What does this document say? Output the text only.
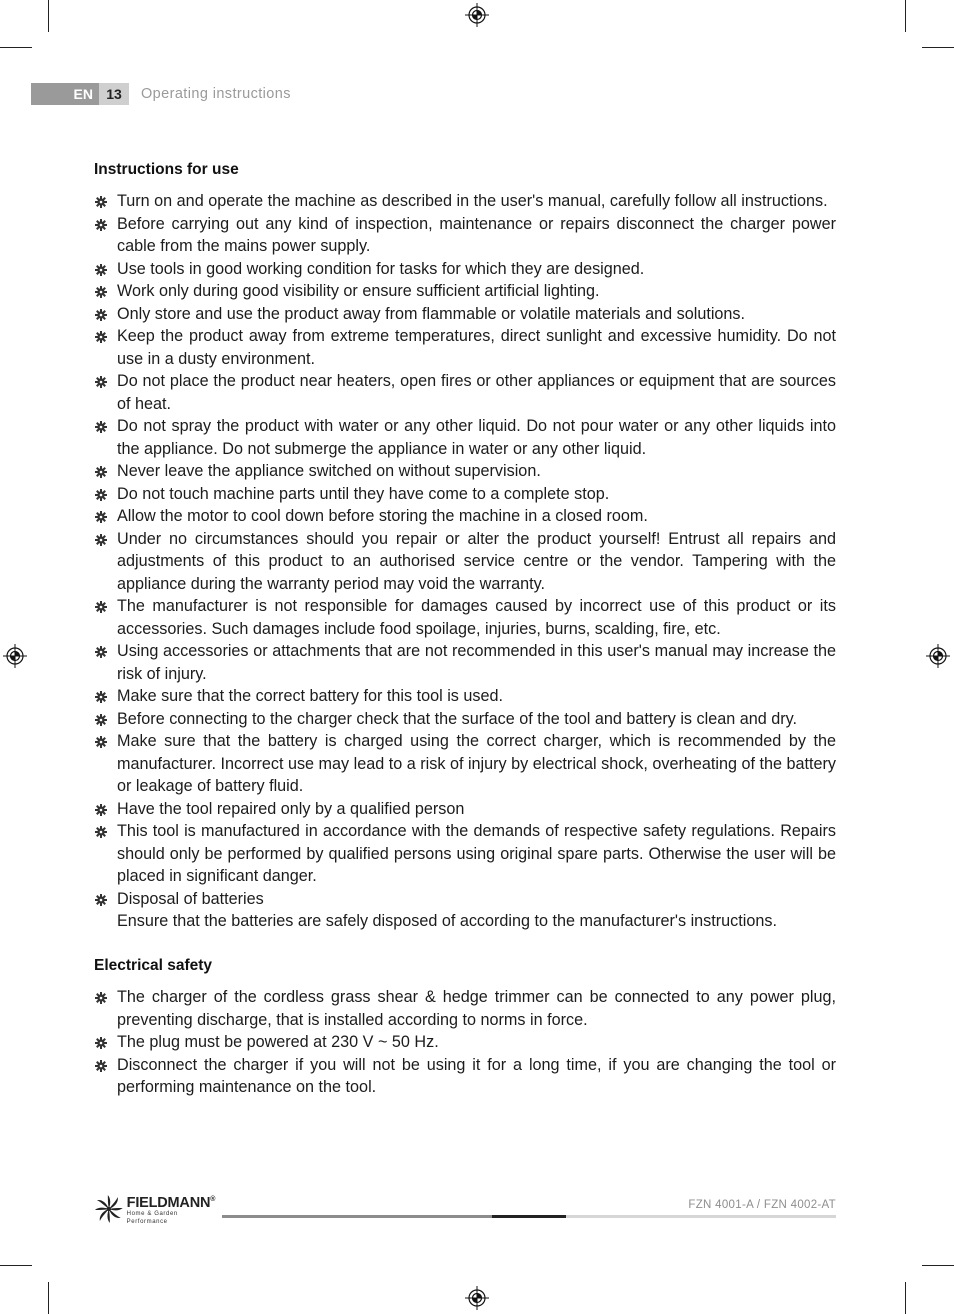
EN 13	Operating instructions
Instructions for use
Turn on and operate the machine as described in the user's manual, carefully follow all instructions.
Before carrying out any kind of inspection, maintenance or repairs disconnect the charger power cable from the mains power supply.
Use tools in good working condition for tasks for which they are designed.
Work only during good visibility or ensure sufficient artificial lighting.
Only store and use the product away from flammable or volatile materials and solutions.
Keep the product away from extreme temperatures, direct sunlight and excessive humidity. Do not use in a dusty environment.
Do not place the product near heaters, open fires or other appliances or equipment that are sources of heat.
Do not spray the product with water or any other liquid. Do not pour water or any other liquids into the appliance. Do not submerge the appliance in water or any other liquid.
Never leave the appliance switched on without supervision.
Do not touch machine parts until they have come to a complete stop.
Allow the motor to cool down before storing the machine in a closed room.
Under no circumstances should you repair or alter the product yourself! Entrust all repairs and adjustments of this product to an authorised service centre or the vendor. Tampering with the appliance during the warranty period may void the warranty.
The manufacturer is not responsible for damages caused by incorrect use of this product or its accessories. Such damages include food spoilage, injuries, burns, scalding, fire, etc.
Using accessories or attachments that are not recommended in this user's manual may increase the risk of injury.
Make sure that the correct battery for this tool is used.
Before connecting to the charger check that the surface of the tool and battery is clean and dry.
Make sure that the battery is charged using the correct charger, which is recommended by the manufacturer. Incorrect use may lead to a risk of injury by electrical shock, overheating of the battery or leakage of battery fluid.
Have the tool repaired only by a qualified person
This tool is manufactured in accordance with the demands of respective safety regulations. Repairs should only be performed by qualified persons using original spare parts. Otherwise the user will be placed in significant danger.
Disposal of batteries
Ensure that the batteries are safely disposed of according to the manufacturer's instructions.
Electrical safety
The charger of the cordless grass shear & hedge trimmer can be connected to any power plug, preventing discharge, that is installed according to norms in force.
The plug must be powered at 230 V ~ 50 Hz.
Disconnect the charger if you will not be using it for a long time, if you are changing the tool or performing maintenance on the tool.
FIELDMANN®
Home & Garden Performance
FZN 4001-A / FZN 4002-AT
